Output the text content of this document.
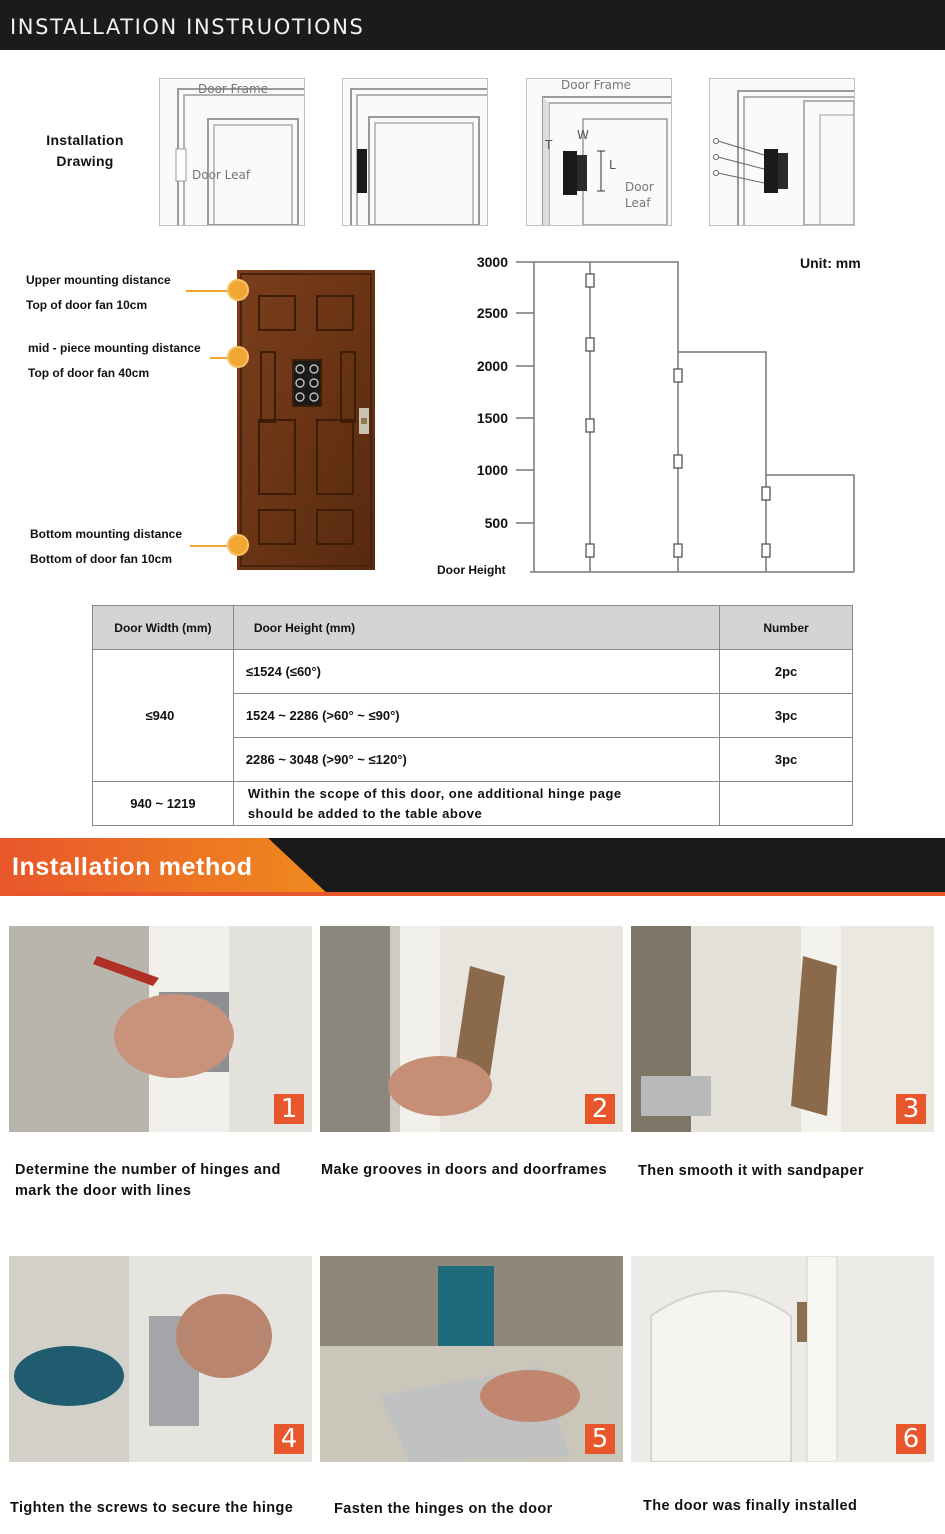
INSTALLATION INSTRUOTIONS
Installation
Drawing
Door Frame
Door Leaf
Door Frame
W
T
L
Door
Leaf
Upper mounting distance
Top of door fan 10cm
mid - piece mounting distance
Top of door fan 40cm
Bottom mounting distance
Bottom of door fan 10cm
3000
2500
2000
1500
1000
500
Door Height
Unit: mm
Door Width (mm)	Door Height (mm)	Number
≤940	≤1524 (≤60°)	2pc
	1524 ~ 2286 (>60° ~ ≤90°)	3pc
	2286 ~ 3048 (>90° ~ ≤120°)	3pc
940 ~ 1219	Within the scope of this door, one additional hinge page
should be added to the table above	

Installation method
1	2	3
Determine the number of hinges and
mark the door with lines
Make grooves in doors and doorframes Then smooth it with sandpaper
4	5	6
Tighten the screws to secure the hinge	Fasten the hinges on the door	The door was finally installed
